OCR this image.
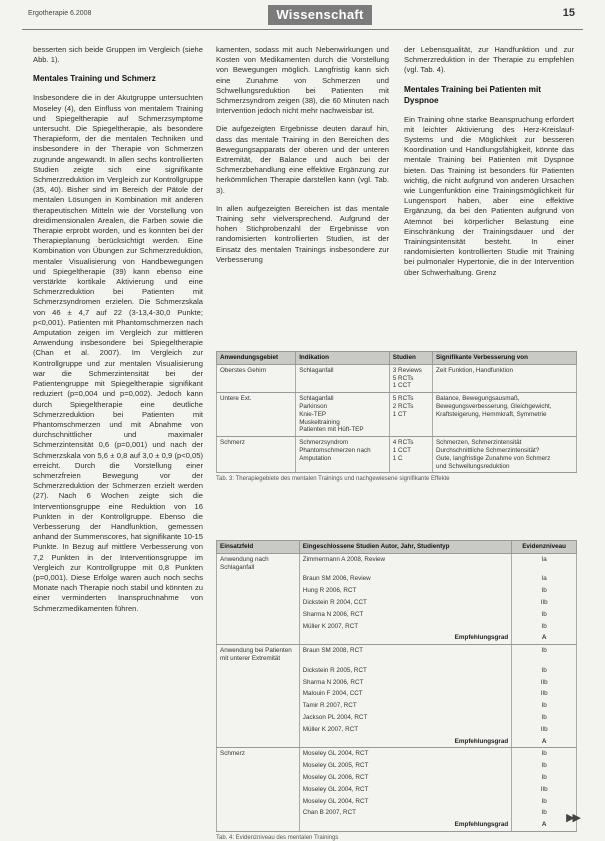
Ergotherapie 6.2008	Wissenschaft	15

besserten sich beide Gruppen im Vergleich (siehe Abb. 1).

Mentales Training und Schmerz

Insbesondere die in der Akutgruppe untersuchten Moseley (4), den Einfluss von mentalem Training und Spiegeltherapie auf Schmerzsymptome untersucht. Die Spiegeltherapie, als besondere Therapieform, der die mentalen Techniken und insbesondere in der Therapie von Schmerzen zugrunde angewandt. In allen sechs kontrollierten Studien zeigte sich eine signifikante Schmerzreduktion im Vergleich zur Kontrollgruppe (35, 40). Bisher sind im Bereich der Pätole der mentalen Lösungen in Kombination mit anderen therapeutischen Mitteln wie der Vorstellung von dreidimensionalen Arealen, die Farben sowie die Therapie erprobt worden, und es konnten bei der Therapieplanung berücksichtigt werden. Eine Kombination von Übungen zur Schmerzreduktion, mentaler Visualisierung von Handbewegungen und Spiegeltherapie (39) kann ebenso eine verstärkte kortikale Aktivierung und eine Schmerzreduktion bei Patienten mit Schmerzsyndromen erzielen. Die Schmerzskala von 46 ± 4,7 auf 22 (3-13,4-30,0 Punkte; p<0,001). Patienten mit Phantomschmerzen nach Amputation zeigen im Vergleich zur mittleren Anwendung insbesondere bei Spiegeltherapie (Chan et al. 2007). Im Vergleich zur Kontrollgruppe und zur mentalen Visualisierung war die Schmerzintensität bei der Patientengruppe mit Spiegeltherapie signifikant reduziert (p=0,004 und p=0,002). Jedoch kann durch Spiegeltherapie eine deutliche Schmerzreduktion bei Patienten mit Phantomschmerzen und mit Abnahme von durchschnittlicher und maximaler Schmerzintensität 0,6 (p=0,001) und nach der Schmerzskala von 5,6 ± 0,8 auf 3,0 ± 0,9 (p<0,05) erreicht. Durch die Vorstellung einer schmerzfreien Bewegung vor der Schmerzreduktion der Schmerzen erzielt werden (27). Nach 6 Wochen zeigte sich die Interventionsgruppe eine Reduktion von 16 Punkten in der Kontrollgruppe. Ebenso die Verbesserung der Handfunktion, gemessen anhand der Summenscores, hat signifikante 10-15 Punkte. In Bezug auf mittlere Verbesserung von 7,2 Punkten in der Interventionsgruppe im Vergleich zur Kontrollgruppe mit 0,8 Punkten (p=0,001). Diese Erfolge waren auch noch sechs Monate nach Therapie noch stabil und könnten zu einer verminderten Inanspruchnahme von Schmerzmedikamenten führen.

kamenten, sodass mit auch Nebenwirkungen und Kosten von Medikamenten durch die Vorstellung von Bewegungen möglich. Langfristig kann sich eine Zunahme von Schmerzen und Schwellungsreduktion bei Patienten mit Schmerzsyndrom zeigen (38), die 60 Minuten nach Intervention jedoch nicht mehr nachweisbar ist.

Die aufgezeigten Ergebnisse deuten darauf hin, dass das mentale Training in den Bereichen des Bewegungsapparats der oberen und der unteren Extremität, der Balance und auch bei der Schmerzbehandlung eine effektive Ergänzung zur herkömmlichen Therapie darstellen kann (vgl. Tab. 3).

In allen aufgezeigten Bereichen ist das mentale Training sehr vielversprechend. Aufgrund der hohen Stichprobenzahl der Ergebnisse von randomisierten kontrollierten Studien, ist der Einsatz des mentalen Trainings insbesondere zur Verbesserung

der Lebensqualität, zur Handfunktion und zur Schmerzreduktion in der Therapie zu empfehlen (vgl. Tab. 4).

Mentales Training bei Patienten mit Dyspnoe

Ein Training ohne starke Beanspruchung erfordert mit leichter Aktivierung des Herz-Kreislauf-Systems und die Möglichkeit zur besseren Koordination und Handlungsfähigkeit, könnte das mentale Training bei Patienten mit Dyspnoe bieten. Das Training ist besonders für Patienten wichtig, die nicht aufgrund von anderen Ursachen wie Lungenfunktion eine Trainingsmöglichkeit für Lungensport haben, aber eine effektive Ergänzung, da bei den Patienten aufgrund von Atemnot bei körperlicher Belastung eine Einschränkung der Trainingsdauer und der Trainingsintensität besteht. In einer randomisierten kontrollierten Studie mit Training bei pulmonaler Hypertonie, die in der Intervention über Schwerhaltung. Grenz

Anwendungsgebiet	Indikation	Studien	Signifikante Verbesserung von
Oberstes Gehirn	Schlaganfall	3 Reviews
5 RCTs
1 CCT	Zeit Funktion, Handfunktion
Untere Ext.	Schlaganfall
Parkinson
Knie-TEP
Muskeltraining
Patienten mit Hüft-TEP	5 RCTs
2 RCTs
1 CT	Balance, Bewegungsausmaß,
Bewegungsverbesserung, Gleichgewicht,
Kraftsteigerung, Hemmkraft, Symmetrie
Schmerz	Schmerzsyndrom
Phantomschmerzen nach
Amputation	4 RCTs
1 CCT
1 C	Schmerzen, Schmerzintensität
Durchschnittliche Schmerzintensität?
Gute, langfristige Zunahme von Schmerz
und Schwellungsreduktion
Tab. 3: Therapiegebiete des mentalen Trainings und nachgewiesene signifikante Effekte
Einsatzfeld	Eingeschlossene Studien Autor, Jahr, Studientyp	Evidenzniveau
Anwendung nach Schlaganfall	Zimmermann A 2008, Review	Ia
	Braun SM 2006, Review	Ia
	Hung R 2006, RCT	Ib
	Dickstein R 2004, CCT	IIb
	Sharma N 2006, RCT	Ib
	Müller K 2007, RCT	Ib
	Empfehlungsgrad	A
Anwendung bei Patienten mit unterer Extremität	Braun SM 2008, RCT	Ib
	Dickstein R 2005, RCT	Ib
	Sharma N 2006, RCT	IIb
	Malouin F 2004, CCT	IIb
	Tamir R 2007, RCT	Ib
	Jackson PL 2004, RCT	Ib
	Müller K 2007, RCT	IIb
	Empfehlungsgrad	A
Schmerz	Moseley GL 2004, RCT	Ib
	Moseley GL 2005, RCT	Ib
	Moseley GL 2006, RCT	Ib
	Moseley GL 2004, RCT	IIb
	Moseley GL 2004, RCT	Ib
	Chan B 2007, RCT	Ib
	Empfehlungsgrad	A
Tab. 4: Evidenzniveau des mentalen Trainings
▶▶
